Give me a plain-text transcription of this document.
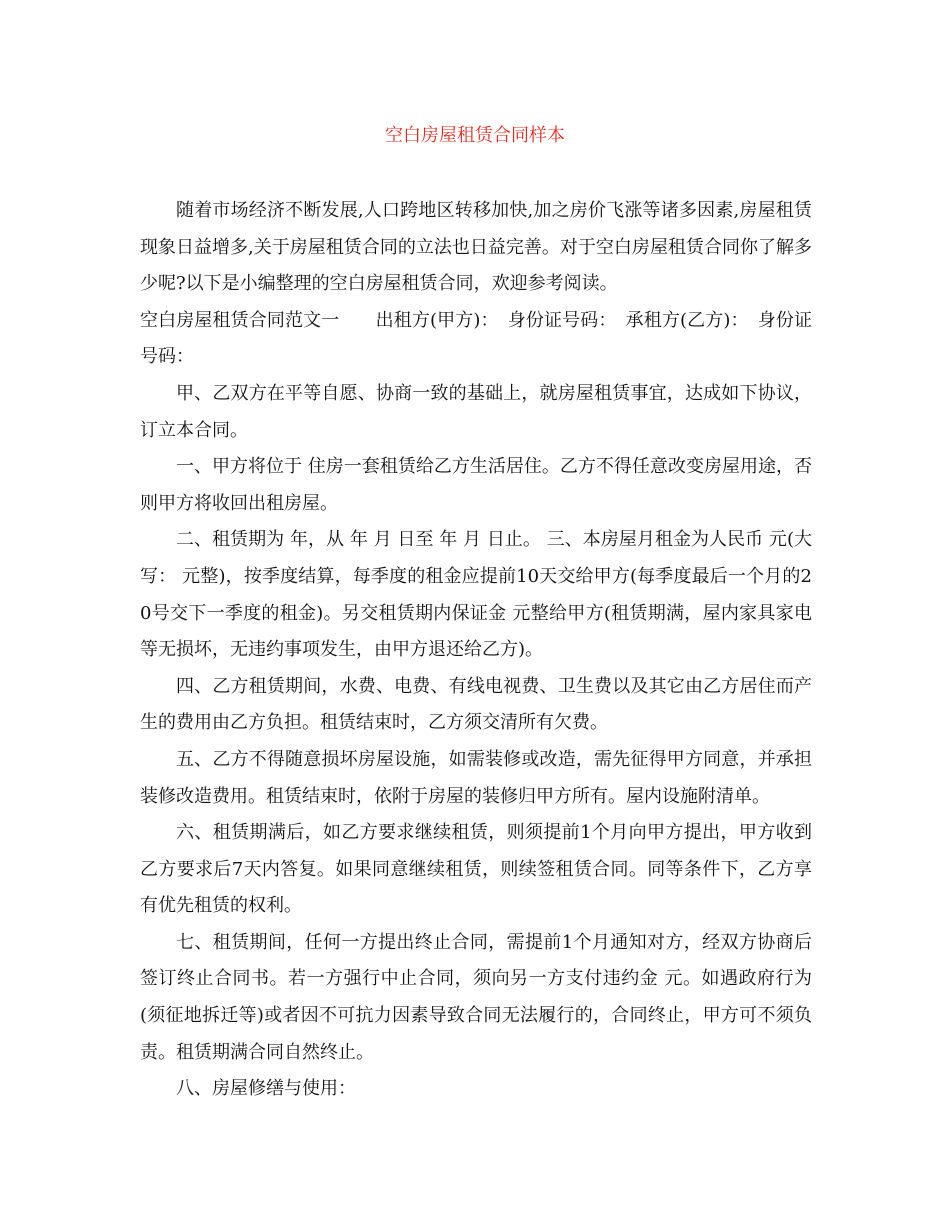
空白房屋租赁合同样本

随着市场经济不断发展,人口跨地区转移加快,加之房价飞涨等诸多因素,房屋租赁现象日益增多,关于房屋租赁合同的立法也日益完善。对于空白房屋租赁合同你了解多少呢?以下是小编整理的空白房屋租赁合同，欢迎参考阅读。

空白房屋租赁合同范文一　　出租方(甲方)：　身份证号码：　承租方(乙方)：　身份证号码：

甲、乙双方在平等自愿、协商一致的基础上，就房屋租赁事宜，达成如下协议，订立本合同。

一、甲方将位于 住房一套租赁给乙方生活居住。乙方不得任意改变房屋用途，否则甲方将收回出租房屋。

二、租赁期为 年，从 年 月 日至 年 月 日止。 三、本房屋月租金为人民币 元(大写： 元整)，按季度结算，每季度的租金应提前10天交给甲方(每季度最后一个月的20号交下一季度的租金)。另交租赁期内保证金 元整给甲方(租赁期满，屋内家具家电等无损坏，无违约事项发生，由甲方退还给乙方)。

四、乙方租赁期间，水费、电费、有线电视费、卫生费以及其它由乙方居住而产生的费用由乙方负担。租赁结束时，乙方须交清所有欠费。

五、乙方不得随意损坏房屋设施，如需装修或改造，需先征得甲方同意，并承担装修改造费用。租赁结束时，依附于房屋的装修归甲方所有。屋内设施附清单。

六、租赁期满后，如乙方要求继续租赁，则须提前1个月向甲方提出，甲方收到乙方要求后7天内答复。如果同意继续租赁，则续签租赁合同。同等条件下，乙方享有优先租赁的权利。

七、租赁期间，任何一方提出终止合同，需提前1个月通知对方，经双方协商后签订终止合同书。若一方强行中止合同，须向另一方支付违约金 元。如遇政府行为(须征地拆迁等)或者因不可抗力因素导致合同无法履行的，合同终止，甲方可不须负责。租赁期满合同自然终止。

八、房屋修缮与使用：
